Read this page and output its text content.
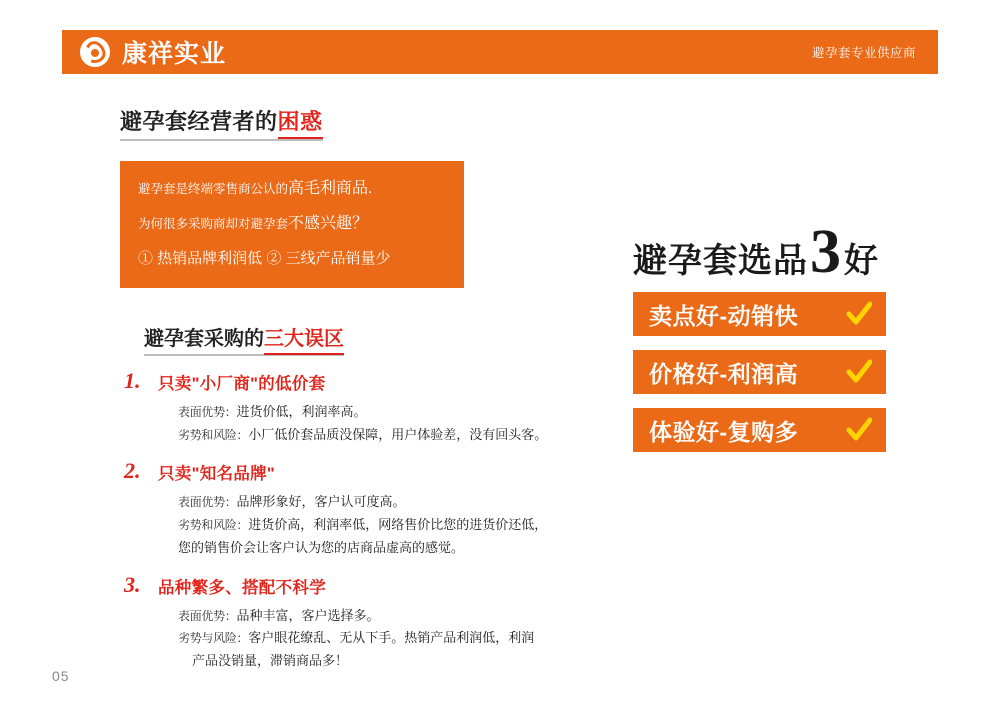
康祥实业	避孕套专业供应商
避孕套经营者的困惑
避孕套是终端零售商公认的高毛利商品.
为何很多采购商却对避孕套不感兴趣？
① 热销品牌利润低 ② 三线产品销量少
避孕套采购的三大误区
1. 只卖"小厂商"的低价套
表面优势：进货价低，利润率高。
劣势和风险：小厂低价套品质没保障，用户体验差，没有回头客。
2. 只卖"知名品牌"
表面优势：品牌形象好，客户认可度高。
劣势和风险：进货价高，利润率低，网络售价比您的进货价还低，
您的销售价会让客户认为您的店商品虚高的感觉。
3. 品种繁多、搭配不科学
表面优势：品种丰富，客户选择多。
劣势与风险：客户眼花缭乱、无从下手。热销产品利润低，利润
产品没销量，滞销商品多！
避孕套选品 3 好
卖点好-动销快
价格好-利润高
体验好-复购多
05
